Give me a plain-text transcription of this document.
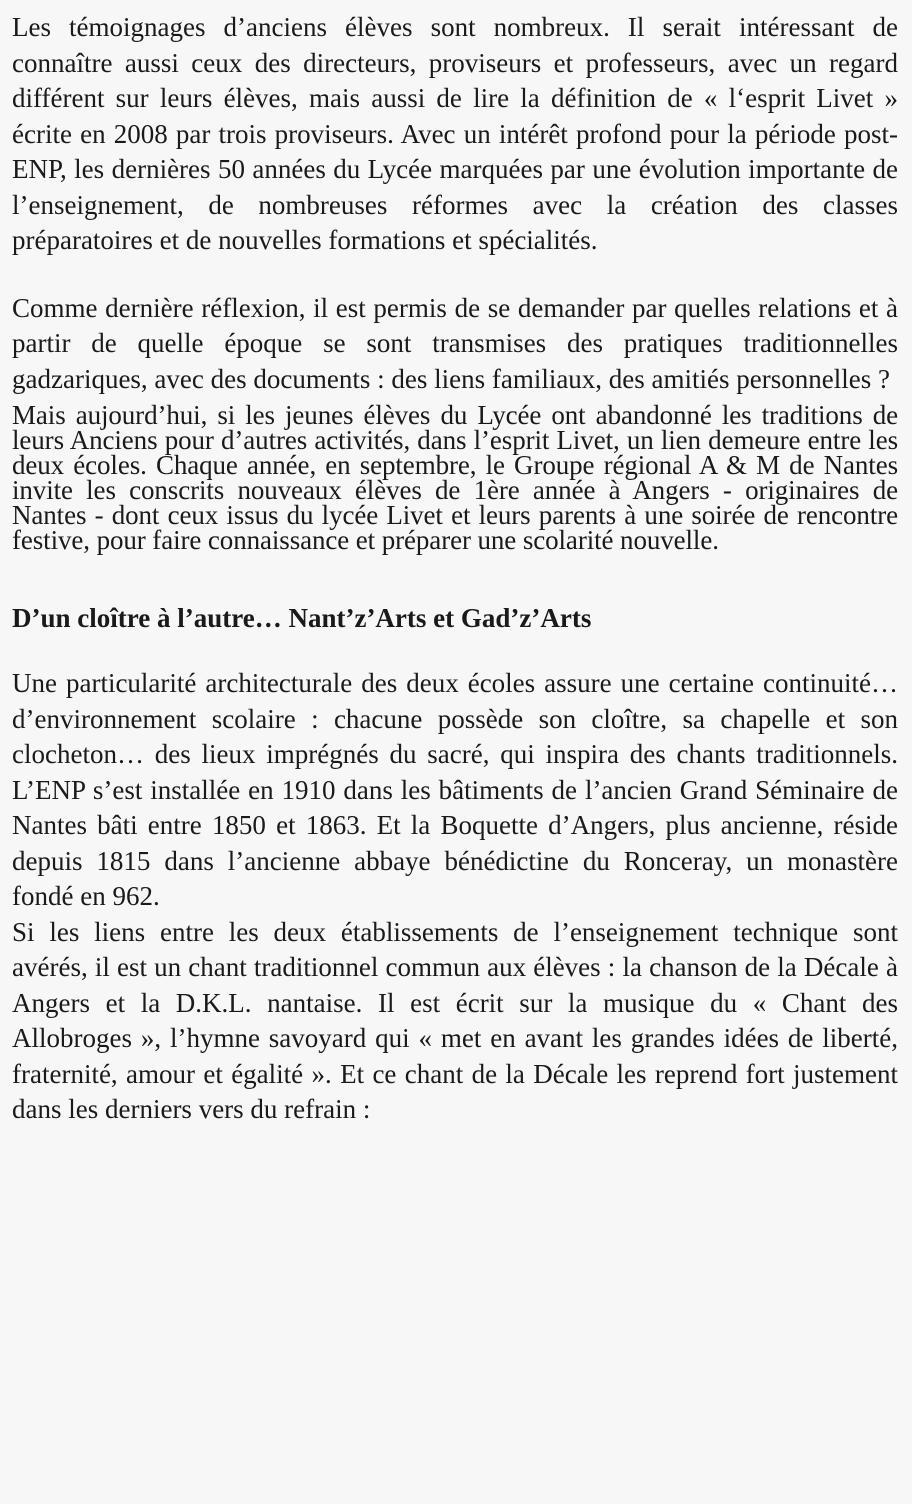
Les témoignages d’anciens élèves sont nombreux. Il serait intéressant de connaître aussi ceux des directeurs, proviseurs et professeurs, avec un regard différent sur leurs élèves, mais aussi de lire la définition de « l‘esprit Livet » écrite en 2008 par trois proviseurs. Avec un intérêt profond pour la période post-ENP, les dernières 50 années du Lycée marquées par une évolution importante de l’enseignement, de nombreuses réformes avec la création des classes préparatoires et de nouvelles formations et spécialités.

Comme dernière réflexion, il est permis de se demander par quelles relations et à partir de quelle époque se sont transmises des pratiques traditionnelles gadzariques, avec des documents : des liens familiaux, des amitiés personnelles ?

Mais aujourd’hui, si les jeunes élèves du Lycée ont abandonné les traditions de leurs Anciens pour d’autres activités, dans l’esprit Livet, un lien demeure entre les deux écoles. Chaque année, en septembre, le Groupe régional A & M de Nantes invite les conscrits nouveaux élèves de 1ère année à Angers - originaires de Nantes - dont ceux issus du lycée Livet et leurs parents à une soirée de rencontre festive, pour faire connaissance et préparer une scolarité nouvelle.

D’un cloître à l’autre… Nant’z’Arts et Gad’z’Arts

Une particularité architecturale des deux écoles assure une certaine continuité… d’environnement scolaire : chacune possède son cloître, sa chapelle et son clocheton… des lieux imprégnés du sacré, qui inspira des chants traditionnels. L’ENP s’est installée en 1910 dans les bâtiments de l’ancien Grand Séminaire de Nantes bâti entre 1850 et 1863. Et la Boquette d’Angers, plus ancienne, réside depuis 1815 dans l’ancienne abbaye bénédictine du Ronceray, un monastère fondé en 962.

Si les liens entre les deux établissements de l’enseignement technique sont avérés, il est un chant traditionnel commun aux élèves : la chanson de la Décale à Angers et la D.K.L. nantaise. Il est écrit sur la musique du « Chant des Allobroges », l’hymne savoyard qui « met en avant les grandes idées de liberté, fraternité, amour et égalité ». Et ce chant de la Décale les reprend fort justement dans les derniers vers du refrain :
